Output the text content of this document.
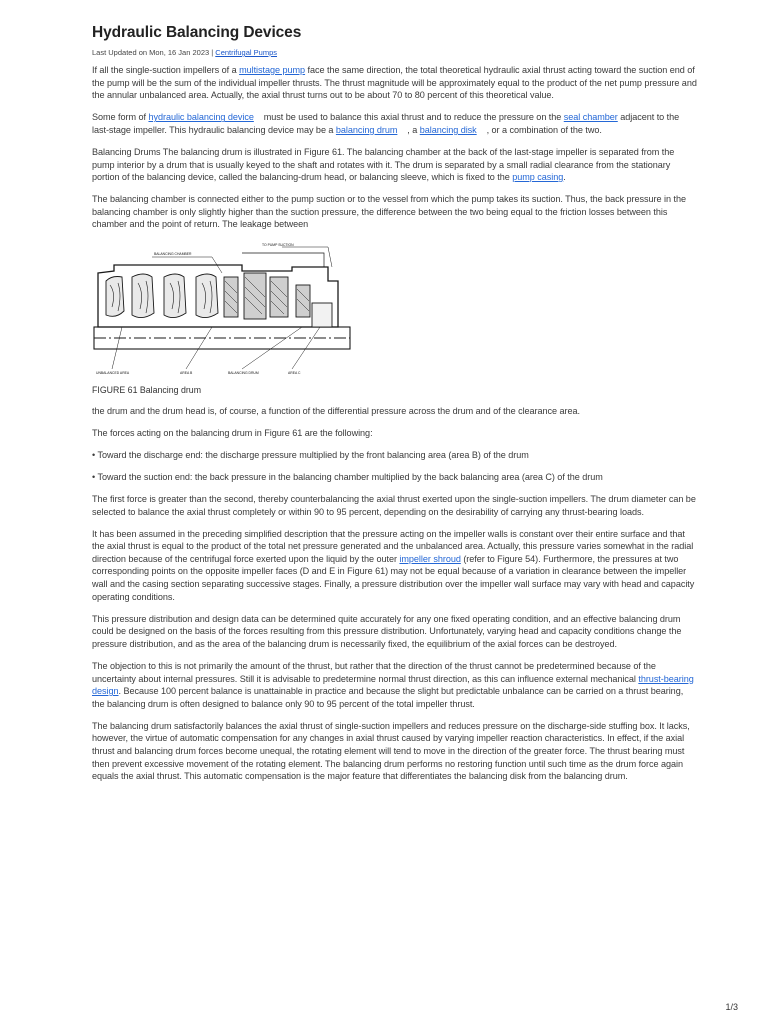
Hydraulic Balancing Devices
Last Updated on Mon, 16 Jan 2023 | Centrifugal Pumps

If all the single-suction impellers of a multistage pump face the same direction, the total theoretical hydraulic axial thrust acting toward the suction end of the pump will be the sum of the individual impeller thrusts. The thrust magnitude will be approximately equal to the product of the net pump pressure and the annular unbalanced area. Actually, the axial thrust turns out to be about 70 to 80 percent of this theoretical value.

Some form of hydraulic balancing device    must be used to balance this axial thrust and to reduce the pressure on the seal chamber adjacent to the last-stage impeller. This hydraulic balancing device may be a balancing drum    , a balancing disk    , or a combination of the two.

Balancing Drums The balancing drum is illustrated in Figure 61. The balancing chamber at the back of the last-stage impeller is separated from the pump interior by a drum that is usually keyed to the shaft and rotates with it. The drum is separated by a small radial clearance from the stationary portion of the balancing device, called the balancing-drum head, or balancing sleeve, which is fixed to the pump casing.

The balancing chamber is connected either to the pump suction or to the vessel from which the pump takes its suction. Thus, the back pressure in the balancing chamber is only slightly higher than the suction pressure, the difference between the two being equal to the friction losses between this chamber and the point of return. The leakage between

BALANCING CHAMBER
TO PUMP SUCTION
UNBALANCED AREA	AREA B	BALANCING DRUM	AREA C
FIGURE 61 Balancing drum

the drum and the drum head is, of course, a function of the differential pressure across the drum and of the clearance area.

The forces acting on the balancing drum in Figure 61 are the following:

• Toward the discharge end: the discharge pressure multiplied by the front balancing area (area B) of the drum

• Toward the suction end: the back pressure in the balancing chamber multiplied by the back balancing area (area C) of the drum

The first force is greater than the second, thereby counterbalancing the axial thrust exerted upon the single-suction impellers. The drum diameter can be selected to balance the axial thrust completely or within 90 to 95 percent, depending on the desirability of carrying any thrust-bearing loads.

It has been assumed in the preceding simplified description that the pressure acting on the impeller walls is constant over their entire surface and that the axial thrust is equal to the product of the total net pressure generated and the unbalanced area. Actually, this pressure varies somewhat in the radial direction because of the centrifugal force exerted upon the liquid by the outer impeller shroud (refer to Figure 54). Furthermore, the pressures at two corresponding points on the opposite impeller faces (D and E in Figure 61) may not be equal because of a variation in clearance between the impeller wall and the casing section separating successive stages. Finally, a pressure distribution over the impeller wall surface may vary with head and capacity operating conditions.

This pressure distribution and design data can be determined quite accurately for any one fixed operating condition, and an effective balancing drum could be designed on the basis of the forces resulting from this pressure distribution. Unfortunately, varying head and capacity conditions change the pressure distribution, and as the area of the balancing drum is necessarily fixed, the equilibrium of the axial forces can be destroyed.

The objection to this is not primarily the amount of the thrust, but rather that the direction of the thrust cannot be predetermined because of the uncertainty about internal pressures. Still it is advisable to predetermine normal thrust direction, as this can influence external mechanical thrust-bearing design. Because 100 percent balance is unattainable in practice and because the slight but predictable unbalance can be carried on a thrust bearing, the balancing drum is often designed to balance only 90 to 95 percent of the total impeller thrust.

The balancing drum satisfactorily balances the axial thrust of single-suction impellers and reduces pressure on the discharge-side stuffing box. It lacks, however, the virtue of automatic compensation for any changes in axial thrust caused by varying impeller reaction characteristics. In effect, if the axial thrust and balancing drum forces become unequal, the rotating element will tend to move in the direction of the greater force. The thrust bearing must then prevent excessive movement of the rotating element. The balancing drum performs no restoring function until such time as the drum force again equals the axial thrust. This automatic compensation is the major feature that differentiates the balancing disk from the balancing drum.

1/3
